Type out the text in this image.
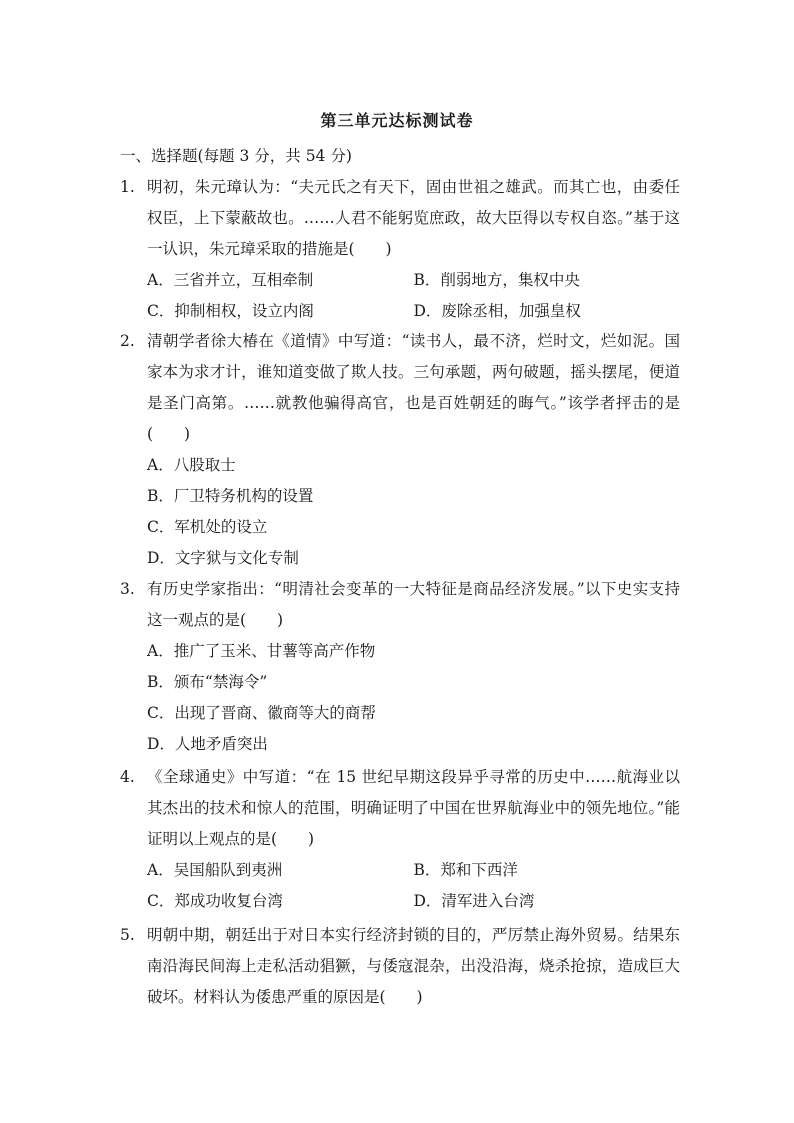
第三单元达标测试卷
一、选择题(每题 3 分，共 54 分)
1. 明初，朱元璋认为：“夫元氏之有天下，固由世祖之雄武。而其亡也，由委任权臣，上下蒙蔽故也。……人君不能躬览庶政，故大臣得以专权自恣。”基于这一认识，朱元璋采取的措施是(　　)
A．三省并立，互相牵制	B．削弱地方，集权中央
C．抑制相权，设立内阁	D．废除丞相，加强皇权
2. 清朝学者徐大椿在《道情》中写道：“读书人，最不济，烂时文，烂如泥。国家本为求才计，谁知道变做了欺人技。三句承题，两句破题，摇头摆尾，便道是圣门高第。……就教他骗得高官，也是百姓朝廷的晦气。”该学者抨击的是(　　)
A．八股取士
B．厂卫特务机构的设置
C．军机处的设立
D．文字狱与文化专制
3. 有历史学家指出：“明清社会变革的一大特征是商品经济发展。”以下史实支持这一观点的是(　　)
A．推广了玉米、甘薯等高产作物
B．颁布“禁海令”
C．出现了晋商、徽商等大的商帮
D．人地矛盾突出
4. 《全球通史》中写道：“在 15 世纪早期这段异乎寻常的历史中……航海业以其杰出的技术和惊人的范围，明确证明了中国在世界航海业中的领先地位。”能证明以上观点的是(　　)
A．吴国船队到夷洲	B．郑和下西洋
C．郑成功收复台湾	D．清军进入台湾
5. 明朝中期，朝廷出于对日本实行经济封锁的目的，严厉禁止海外贸易。结果东南沿海民间海上走私活动猖獗，与倭寇混杂，出没沿海，烧杀抢掠，造成巨大破坏。材料认为倭患严重的原因是(　　)
